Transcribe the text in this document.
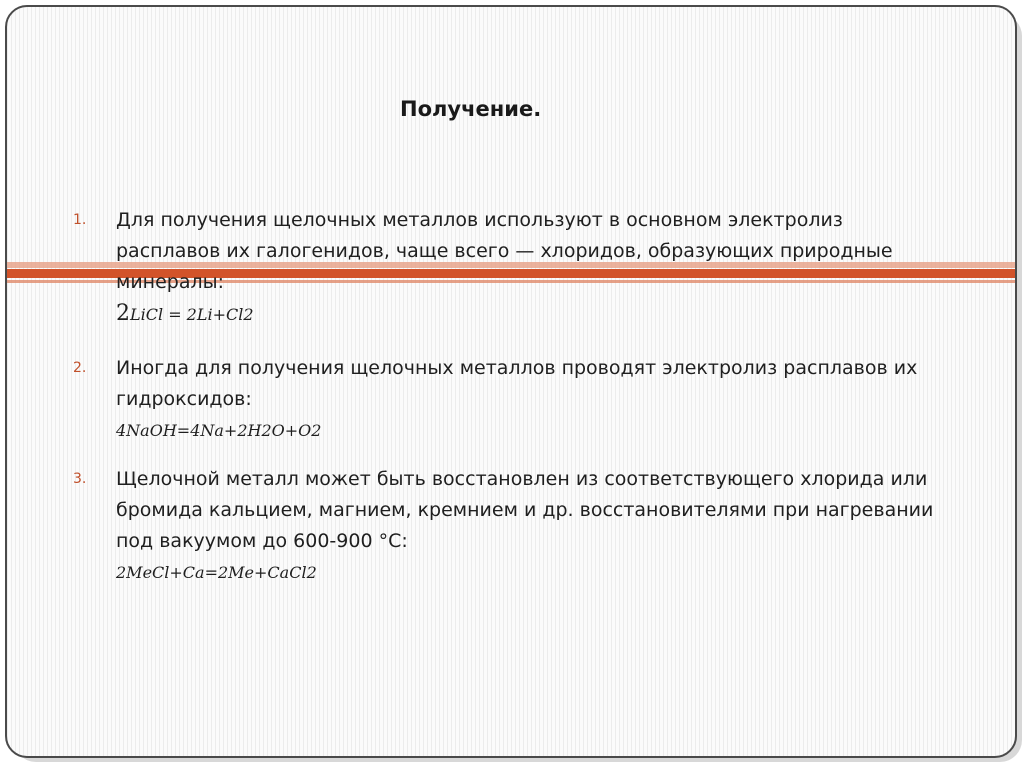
Получение.
1. Для получения щелочных металлов используют в основном электролиз расплавов их галогенидов, чаще всего — хлоридов, образующих природные минералы:
2LiCl = 2Li+Cl2
2. Иногда для получения щелочных металлов проводят электролиз расплавов их гидроксидов:
4NaOH=4Na+2H2O+O2
3. Щелочной металл может быть восстановлен из соответствующего хлорида или бромида кальцием, магнием, кремнием и др. восстановителями при нагревании под вакуумом до 600-900 °C:
2MeCl+Ca=2Me+CaCl2
